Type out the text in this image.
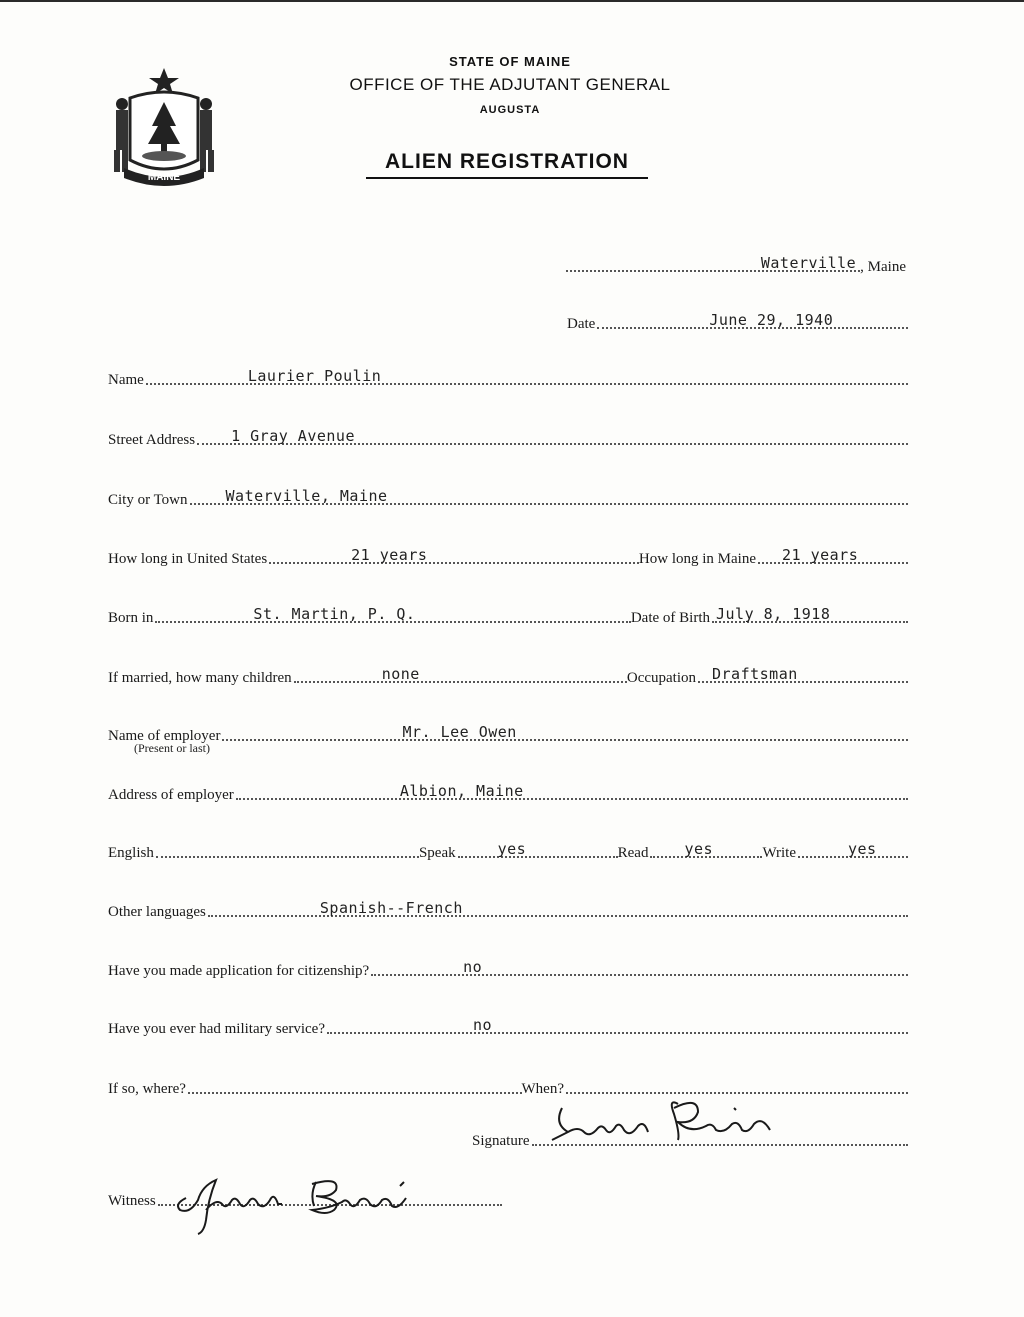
MAINE
STATE OF MAINE
OFFICE OF THE ADJUTANT GENERAL
AUGUSTA
ALIEN REGISTRATION
Waterville , Maine
Date	June 29, 1940
Name	Laurier Poulin
Street Address 1 Gray Avenue
City or Town	Waterville, Maine
How long in United States	21 years	How long in Maine 21 years
Born in	St. Martin, P. Q.	Date of Birth July 8, 1918
If married, how many children	none	Occupation Draftsman
Name of employer	Mr. Lee Owen
(Present or last)
Address of employer	Albion, Maine
English	Speak	yes	Read yes	Write	yes
Other languages	Spanish--French
Have you made application for citizenship?	no
Have you ever had military service?	no
If so, where?	When?
Signature
Witness
